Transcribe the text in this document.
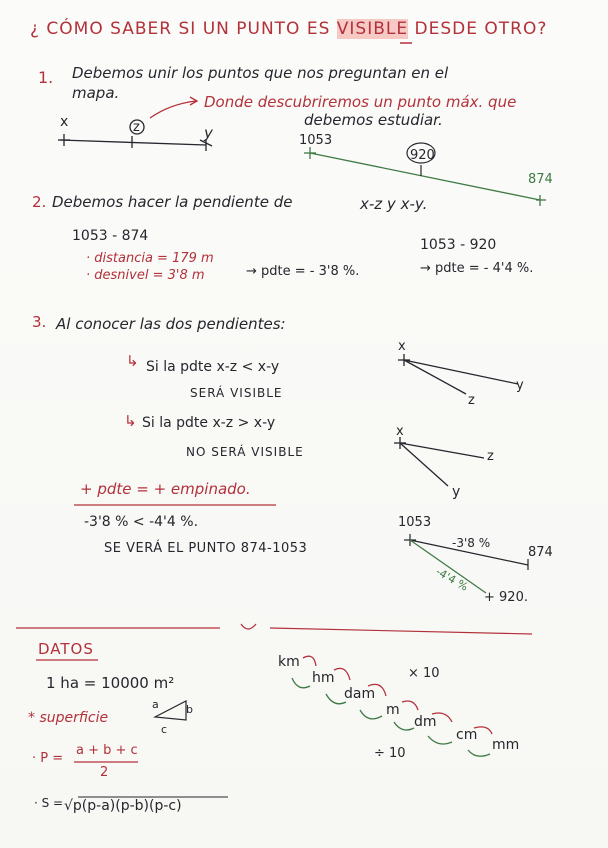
¿ CÓMO SABER SI UN PUNTO ES VISIBLE DESDE OTRO?
1. Debemos unir los puntos que nos preguntan en el
mapa.	Donde descubriremos un punto máx. que
debemos estudiar.
x	z	y	1053
920
874
2. Debemos hacer la pendiente de	x-z y x-y.
1053 - 874
· distancia = 179 m
· desnivel = 3'8 m	→ pdte = - 3'8 %.
1053 - 920
→ pdte = - 4'4 %.
3. Al conocer las dos pendientes:
↳ Si la pdte x-z < x-y
SERÁ VISIBLE
↳ Si la pdte x-z > x-y
NO SERÁ VISIBLE
x
z
y
x
z
y
+ pdte = + empinado.
-3'8 % < -4'4 %.
SE VERÁ EL PUNTO 874-1053
1053
-3'8 %
874
-4'4 %
+ 920.
DATOS
1 ha = 10000 m²
* superficie
a b
c
· P =
a + b + c
2
· S = √p(p-a)(p-b)(p-c)
km
hm
dam
m
dm
cm
mm
× 10
÷ 10
